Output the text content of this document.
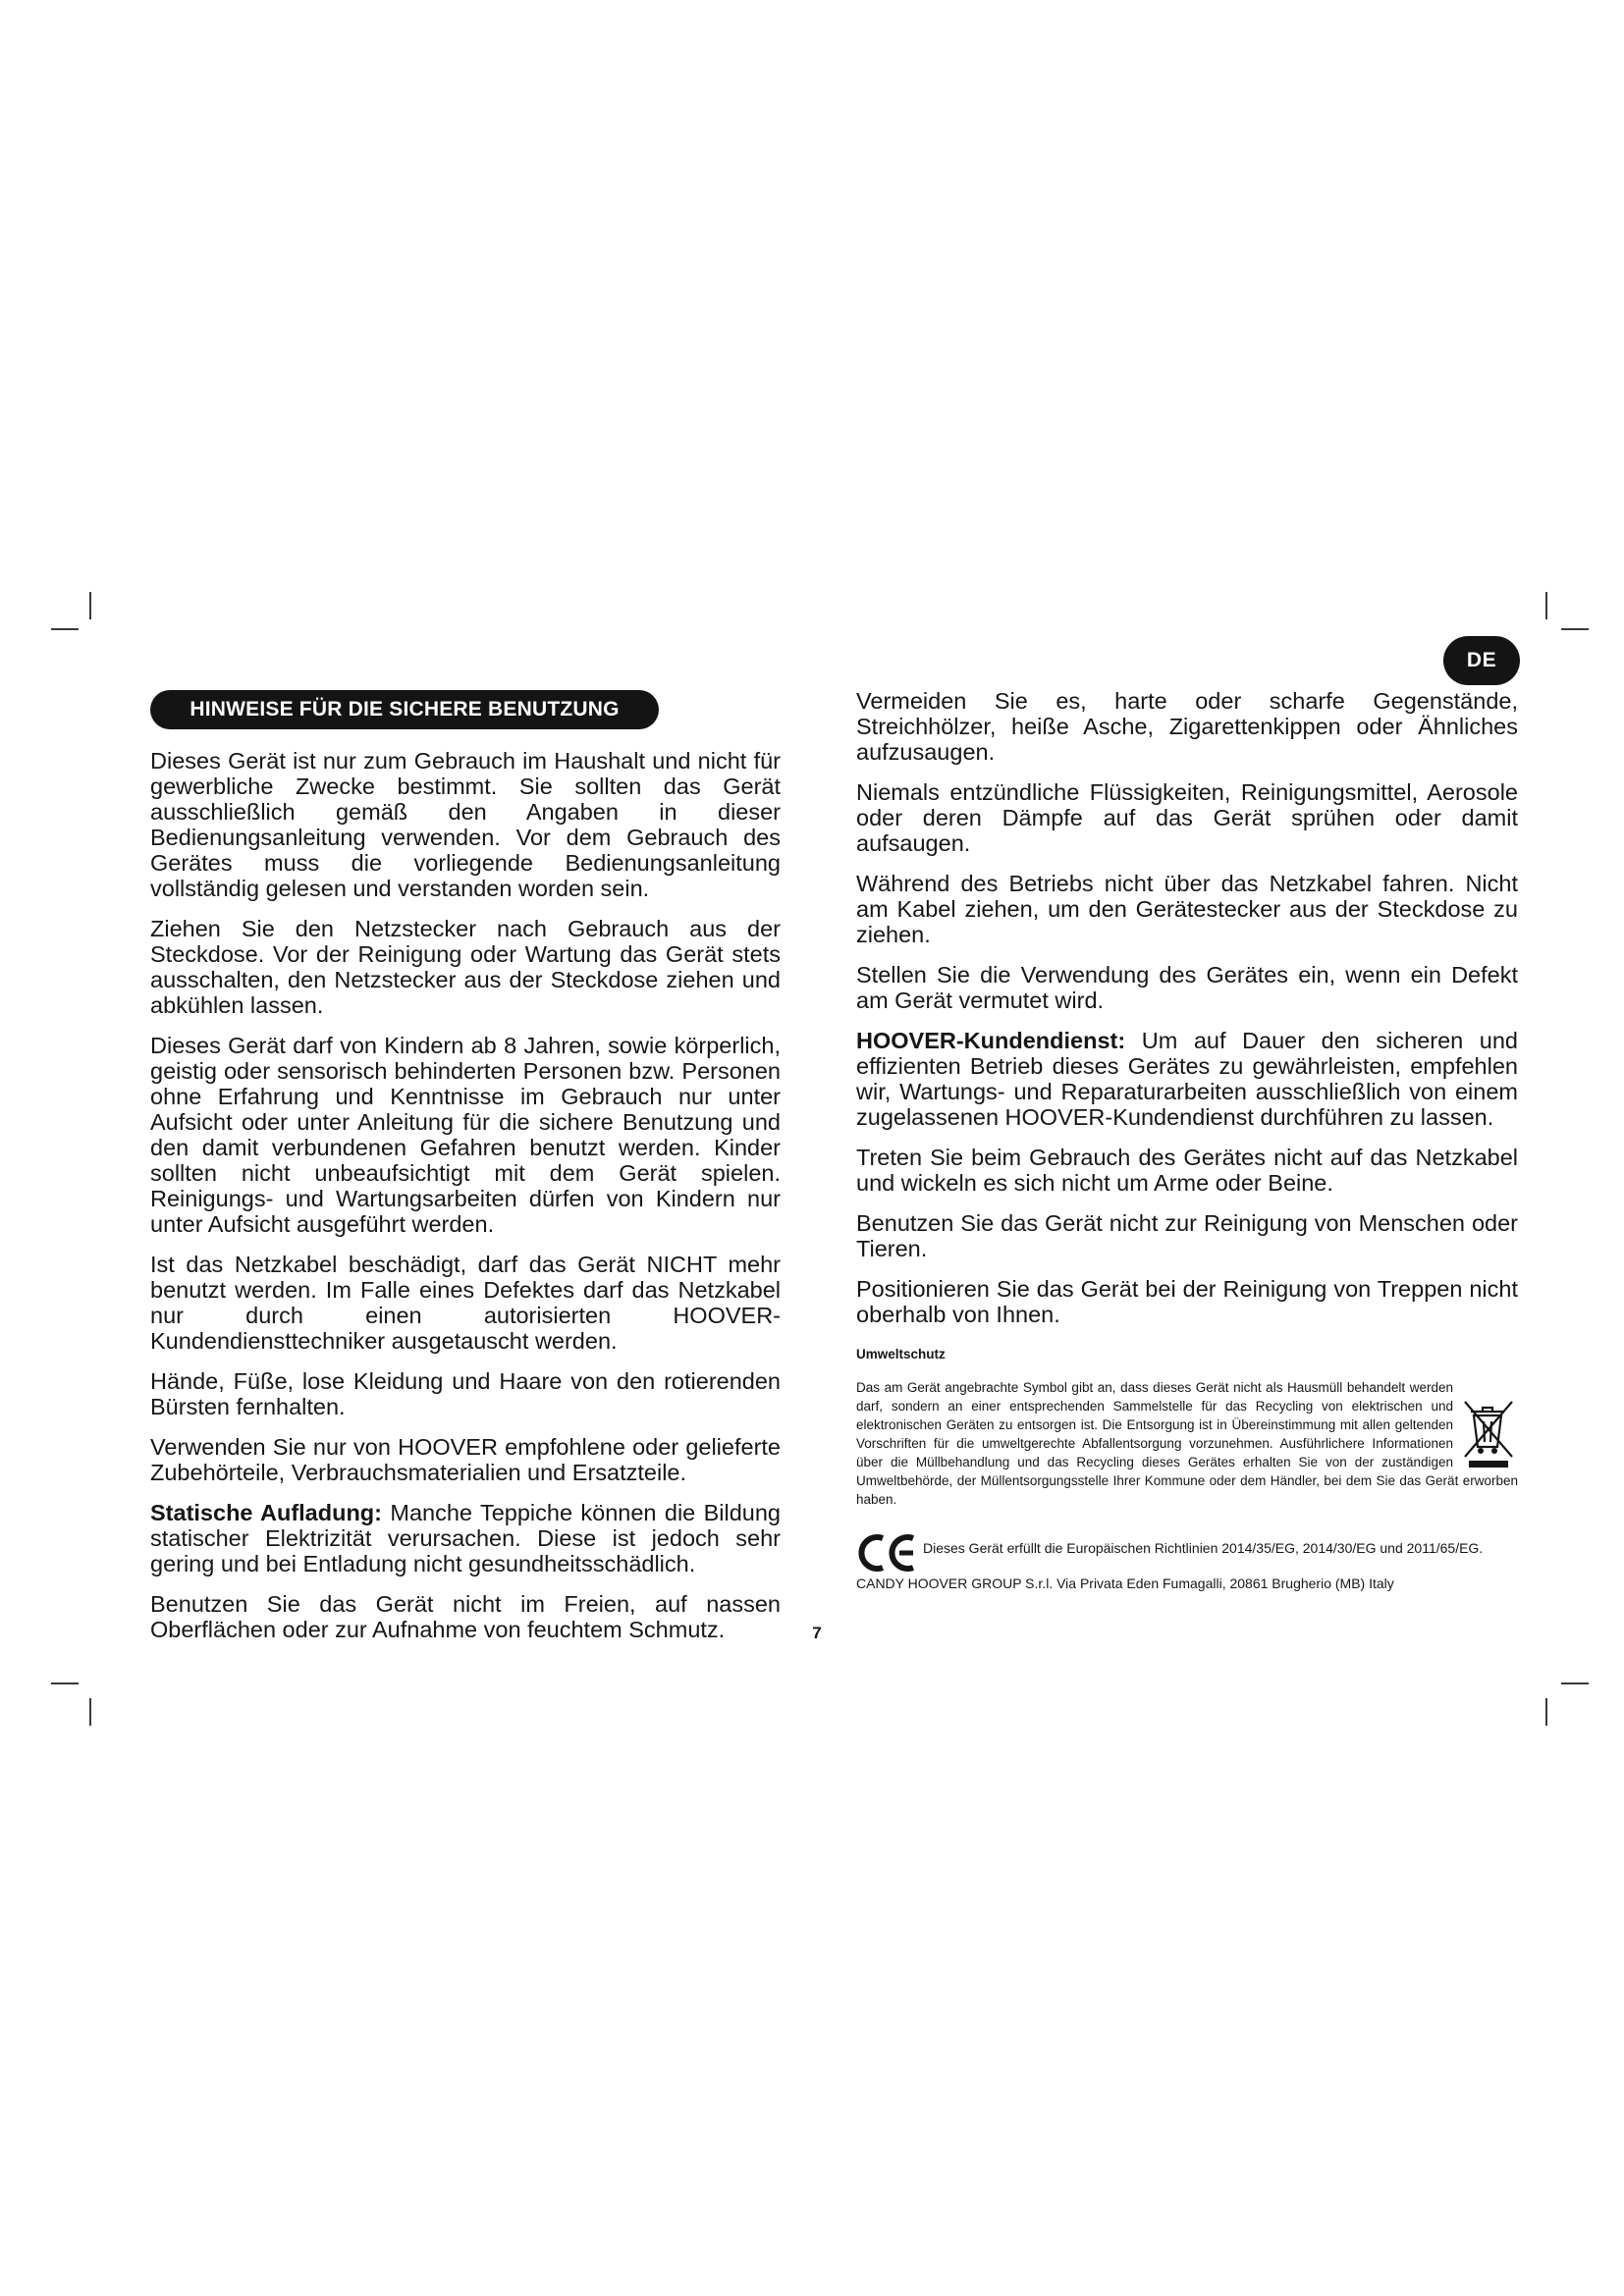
DE
HINWEISE FÜR DIE SICHERE BENUTZUNG

Dieses Gerät ist nur zum Gebrauch im Haushalt und nicht für gewerbliche Zwecke bestimmt. Sie sollten das Gerät ausschließlich gemäß den Angaben in dieser Bedienungsanleitung verwenden. Vor dem Gebrauch des Gerätes muss die vorliegende Bedienungsanleitung vollständig gelesen und verstanden worden sein.

Ziehen Sie den Netzstecker nach Gebrauch aus der Steckdose. Vor der Reinigung oder Wartung das Gerät stets ausschalten, den Netzstecker aus der Steckdose ziehen und abkühlen lassen.

Dieses Gerät darf von Kindern ab 8 Jahren, sowie körperlich, geistig oder sensorisch behinderten Personen bzw. Personen ohne Erfahrung und Kenntnisse im Gebrauch nur unter Aufsicht oder unter Anleitung für die sichere Benutzung und den damit verbundenen Gefahren benutzt werden. Kinder sollten nicht unbeaufsichtigt mit dem Gerät spielen. Reinigungs- und Wartungsarbeiten dürfen von Kindern nur unter Aufsicht ausgeführt werden.

Ist das Netzkabel beschädigt, darf das Gerät NICHT mehr benutzt werden. Im Falle eines Defektes darf das Netzkabel nur durch einen autorisierten HOOVER-Kundendiensttechniker ausgetauscht werden.

Hände, Füße, lose Kleidung und Haare von den rotierenden Bürsten fernhalten.

Verwenden Sie nur von HOOVER empfohlene oder gelieferte Zubehörteile, Verbrauchsmaterialien und Ersatzteile.

Statische Aufladung: Manche Teppiche können die Bildung statischer Elektrizität verursachen. Diese ist jedoch sehr gering und bei Entladung nicht gesundheitsschädlich.

Benutzen Sie das Gerät nicht im Freien, auf nassen Oberflächen oder zur Aufnahme von feuchtem Schmutz.

Vermeiden Sie es, harte oder scharfe Gegenstände, Streichhölzer, heiße Asche, Zigarettenkippen oder Ähnliches aufzusaugen.

Niemals entzündliche Flüssigkeiten, Reinigungsmittel, Aerosole oder deren Dämpfe auf das Gerät sprühen oder damit aufsaugen.

Während des Betriebs nicht über das Netzkabel fahren. Nicht am Kabel ziehen, um den Gerätestecker aus der Steckdose zu ziehen.

Stellen Sie die Verwendung des Gerätes ein, wenn ein Defekt am Gerät vermutet wird.

HOOVER-Kundendienst: Um auf Dauer den sicheren und effizienten Betrieb dieses Gerätes zu gewährleisten, empfehlen wir, Wartungs- und Reparaturarbeiten ausschließlich von einem zugelassenen HOOVER-Kundendienst durchführen zu lassen.

Treten Sie beim Gebrauch des Gerätes nicht auf das Netzkabel und wickeln es sich nicht um Arme oder Beine.

Benutzen Sie das Gerät nicht zur Reinigung von Menschen oder Tieren.

Positionieren Sie das Gerät bei der Reinigung von Treppen nicht oberhalb von Ihnen.

Umweltschutz

Das am Gerät angebrachte Symbol gibt an, dass dieses Gerät nicht als Hausmüll behandelt werden darf, sondern an einer entsprechenden Sammelstelle für das Recycling von elektrischen und elektronischen Geräten zu entsorgen ist. Die Entsorgung ist in Übereinstimmung mit allen geltenden Vorschriften für die umweltgerechte Abfallentsorgung vorzunehmen. Ausführlichere Informationen über die Müllbehandlung und das Recycling dieses Gerätes erhalten Sie von der zuständigen Umweltbehörde, der Müllentsorgungsstelle Ihrer Kommune oder dem Händler, bei dem Sie das Gerät erworben haben.

Dieses Gerät erfüllt die Europäischen Richtlinien 2014/35/EG, 2014/30/EG und 2011/65/EG.

CANDY HOOVER GROUP S.r.l. Via Privata Eden Fumagalli, 20861 Brugherio (MB) Italy

7
